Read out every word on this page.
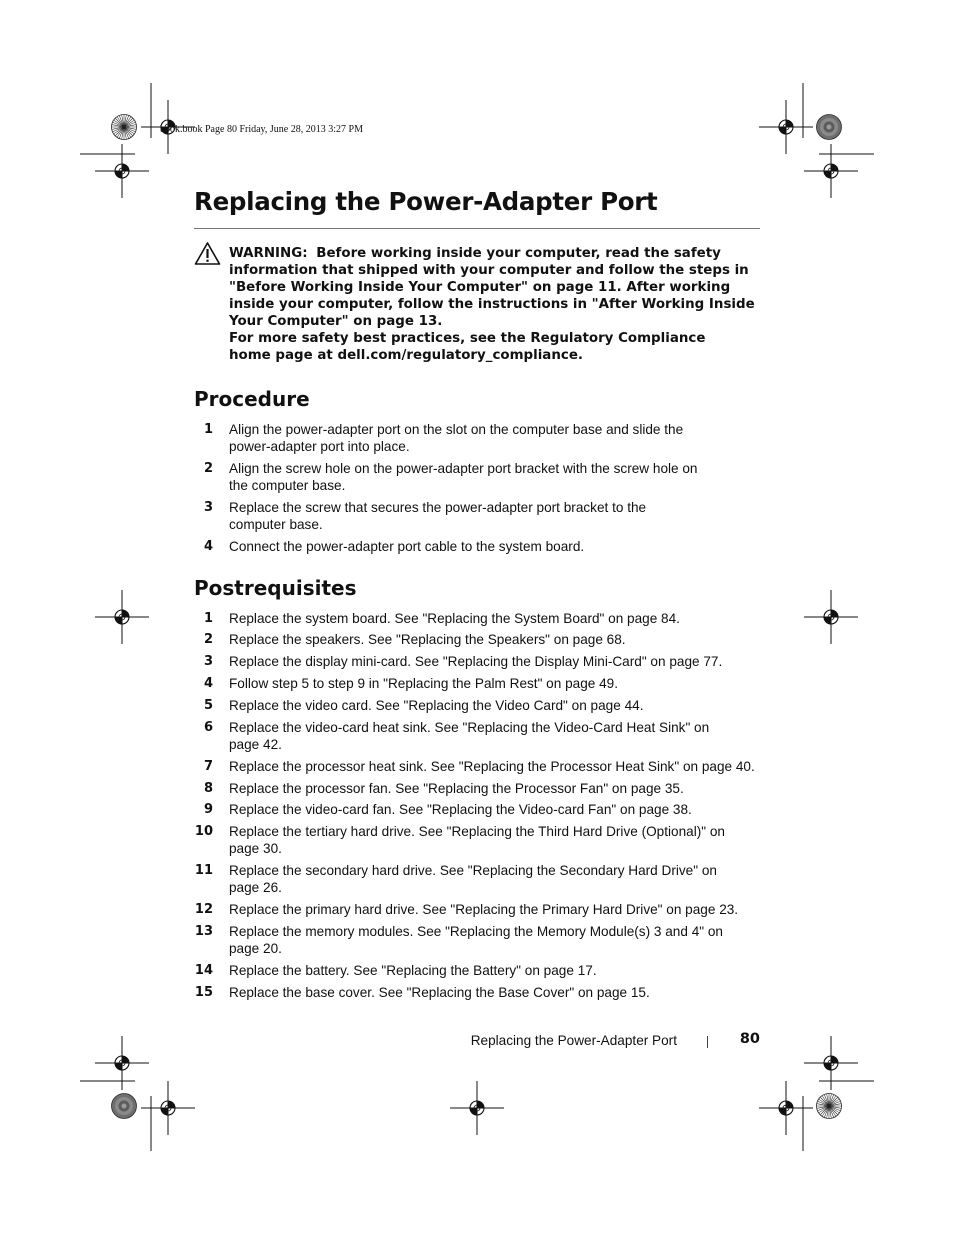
book.book Page 80 Friday, June 28, 2013 3:27 PM
Replacing the Power-Adapter Port
WARNING: Before working inside your computer, read the safety
information that shipped with your computer and follow the steps in
"Before Working Inside Your Computer" on page 11. After working
inside your computer, follow the instructions in "After Working Inside
Your Computer" on page 13.
For more safety best practices, see the Regulatory Compliance
home page at dell.com/regulatory_compliance.
Procedure
1 Align the power-adapter port on the slot on the computer base and slide the
power-adapter port into place.
2 Align the screw hole on the power-adapter port bracket with the screw hole on
the computer base.
3 Replace the screw that secures the power-adapter port bracket to the
computer base.
4 Connect the power-adapter port cable to the system board.
Postrequisites
1 Replace the system board. See "Replacing the System Board" on page 84.
2 Replace the speakers. See "Replacing the Speakers" on page 68.
3 Replace the display mini-card. See "Replacing the Display Mini-Card" on page 77.
4 Follow step 5 to step 9 in "Replacing the Palm Rest" on page 49.
5 Replace the video card. See "Replacing the Video Card" on page 44.
6 Replace the video-card heat sink. See "Replacing the Video-Card Heat Sink" on
page 42.
7 Replace the processor heat sink. See "Replacing the Processor Heat Sink" on page 40.
8 Replace the processor fan. See "Replacing the Processor Fan" on page 35.
9 Replace the video-card fan. See "Replacing the Video-card Fan" on page 38.
10 Replace the tertiary hard drive. See "Replacing the Third Hard Drive (Optional)" on
page 30.
11 Replace the secondary hard drive. See "Replacing the Secondary Hard Drive" on
page 26.
12 Replace the primary hard drive. See "Replacing the Primary Hard Drive" on page 23.
13 Replace the memory modules. See "Replacing the Memory Module(s) 3 and 4" on
page 20.
14 Replace the battery. See "Replacing the Battery" on page 17.
15 Replace the base cover. See "Replacing the Base Cover" on page 15.
Replacing the Power-Adapter Port	80
